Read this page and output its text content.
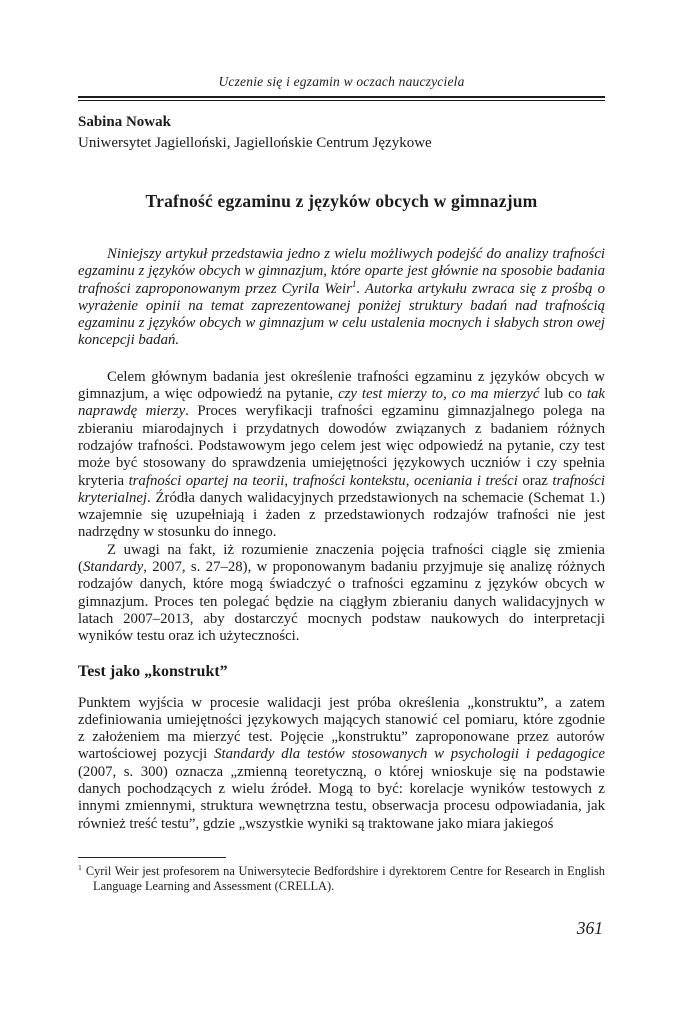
Uczenie się i egzamin w oczach nauczyciela
Sabina Nowak
Uniwersytet Jagielloński, Jagiellońskie Centrum Językowe
Trafność egzaminu z języków obcych w gimnazjum

Niniejszy artykuł przedstawia jedno z wielu możliwych podejść do analizy trafności egzaminu z języków obcych w gimnazjum, które oparte jest głównie na sposobie badania trafności zaproponowanym przez Cyrila Weir$^1$. Autorka artykułu zwraca się z prośbą o wyrażenie opinii na temat zaprezentowanej poniżej struktury badań nad trafnością egzaminu z języków obcych w gimnazjum w celu ustalenia mocnych i słabych stron owej koncepcji badań.

Celem głównym badania jest określenie trafności egzaminu z języków obcych w gimnazjum, a więc odpowiedź na pytanie, czy test mierzy to, co ma mierzyć lub co tak naprawdę mierzy. Proces weryfikacji trafności egzaminu gimnazjalnego polega na zbieraniu miarodajnych i przydatnych dowodów związanych z badaniem różnych rodzajów trafności. Podstawowym jego celem jest więc odpowiedź na pytanie, czy test może być stosowany do sprawdzenia umiejętności językowych uczniów i czy spełnia kryteria trafności opartej na teorii, trafności kontekstu, oceniania i treści oraz trafności kryterialnej. Źródła danych walidacyjnych przedstawionych na schemacie (Schemat 1.) wzajemnie się uzupełniają i żaden z przedstawionych rodzajów trafności nie jest nadrzędny w stosunku do innego.

Z uwagi na fakt, iż rozumienie znaczenia pojęcia trafności ciągle się zmienia (Standardy, 2007, s. 27–28), w proponowanym badaniu przyjmuje się analizę różnych rodzajów danych, które mogą świadczyć o trafności egzaminu z języków obcych w gimnazjum. Proces ten polegać będzie na ciągłym zbieraniu danych walidacyjnych w latach 2007–2013, aby dostarczyć mocnych podstaw naukowych do interpretacji wyników testu oraz ich użyteczności.

Test jako „konstrukt”

Punktem wyjścia w procesie walidacji jest próba określenia „konstruktu”, a zatem zdefiniowania umiejętności językowych mających stanowić cel pomiaru, które zgodnie z założeniem ma mierzyć test. Pojęcie „konstruktu” zaproponowane przez autorów wartościowej pozycji Standardy dla testów stosowanych w psychologii i pedagogice (2007, s. 300) oznacza „zmienną teoretyczną, o której wnioskuje się na podstawie danych pochodzących z wielu źródeł. Mogą to być: korelacje wyników testowych z innymi zmiennymi, struktura wewnętrzna testu, obserwacja procesu odpowiadania, jak również treść testu”, gdzie „wszystkie wyniki są traktowane jako miara jakiegoś

$^1$ Cyril Weir jest profesorem na Uniwersytecie Bedfordshire i dyrektorem Centre for Research in English Language Learning and Assessment (CRELLA).
361
